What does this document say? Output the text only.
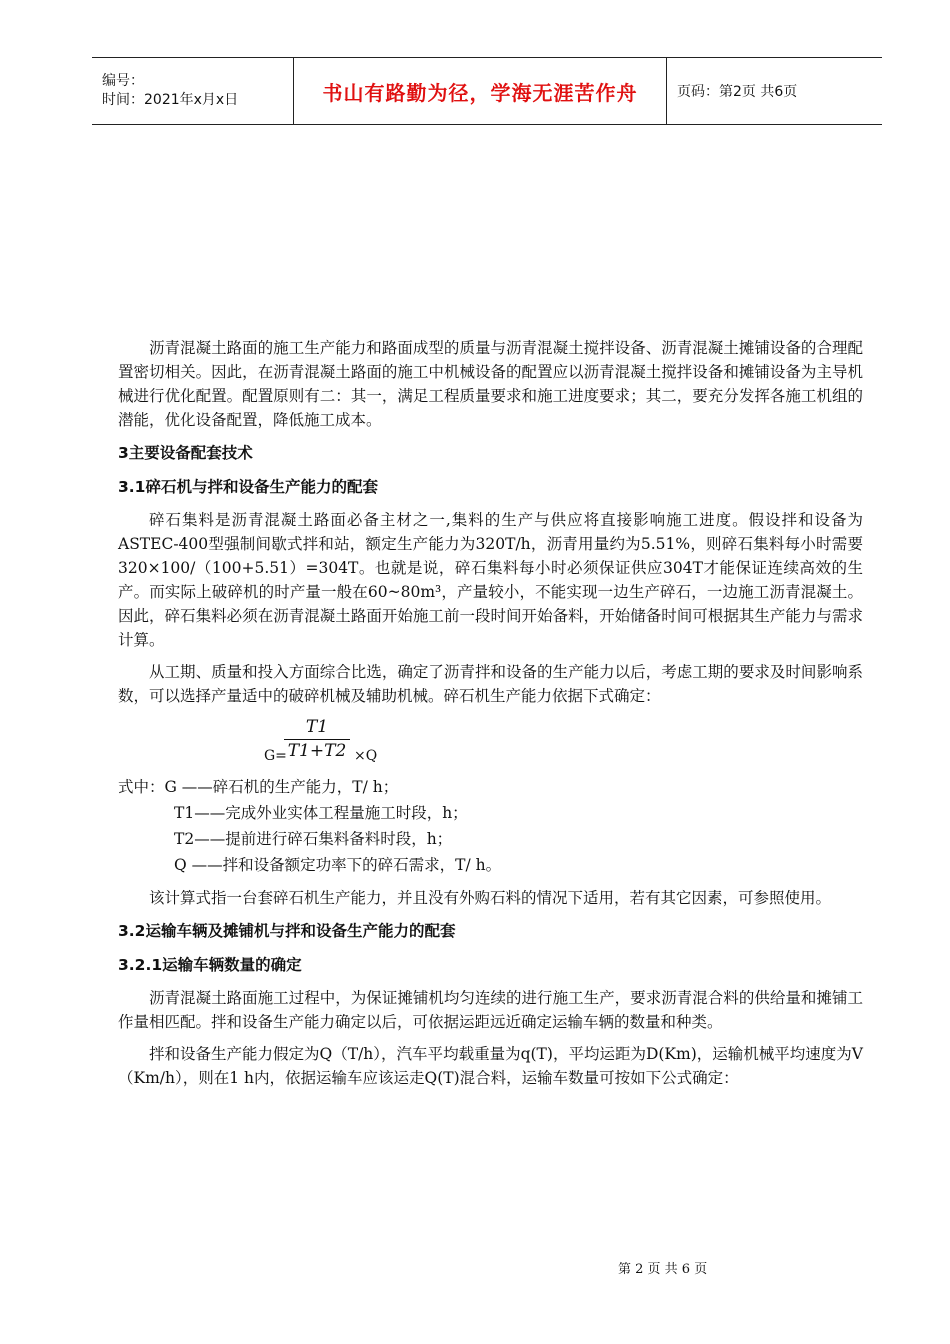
编号：
时间：2021年x月x日	书山有路勤为径，学海无涯苦作舟	页码：第2页 共6页

沥青混凝土路面的施工生产能力和路面成型的质量与沥青混凝土搅拌设备、沥青混凝土摊铺设备的合理配置密切相关。因此，在沥青混凝土路面的施工中机械设备的配置应以沥青混凝土搅拌设备和摊铺设备为主导机械进行优化配置。配置原则有二：其一，满足工程质量要求和施工进度要求；其二，要充分发挥各施工机组的潜能，优化设备配置，降低施工成本。

3主要设备配套技术
3.1碎石机与拌和设备生产能力的配套

碎石集料是沥青混凝土路面必备主材之一,集料的生产与供应将直接影响施工进度。假设拌和设备为ASTEC-400型强制间歇式拌和站，额定生产能力为320T/h，沥青用量约为5.51%，则碎石集料每小时需要320×100/（100+5.51）=304T。也就是说，碎石集料每小时必须保证供应304T才能保证连续高效的生产。而实际上破碎机的时产量一般在60~80m³，产量较小，不能实现一边生产碎石，一边施工沥青混凝土。因此，碎石集料必须在沥青混凝土路面开始施工前一段时间开始备料，开始储备时间可根据其生产能力与需求计算。

从工期、质量和投入方面综合比选，确定了沥青拌和设备的生产能力以后，考虑工期的要求及时间影响系数，可以选择产量适中的破碎机械及辅助机械。碎石机生产能力依据下式确定：

G=
$\frac{T1}{T1+T2} \times Q$
式中：G ——碎石机的生产能力，T/ h；
T1——完成外业实体工程量施工时段，h；
T2——提前进行碎石集料备料时段，h；
Q ——拌和设备额定功率下的碎石需求，T/ h。

该计算式指一台套碎石机生产能力，并且没有外购石料的情况下适用，若有其它因素，可参照使用。

3.2运输车辆及摊铺机与拌和设备生产能力的配套
3.2.1运输车辆数量的确定

沥青混凝土路面施工过程中，为保证摊铺机均匀连续的进行施工生产，要求沥青混合料的供给量和摊铺工作量相匹配。拌和设备生产能力确定以后，可依据运距远近确定运输车辆的数量和种类。

拌和设备生产能力假定为Q（T/h），汽车平均载重量为q(T)，平均运距为D(Km)，运输机械平均速度为V（Km/h），则在1 h内，依据运输车应该运走Q(T)混合料，运输车数量可按如下公式确定：

第 2 页 共 6 页
